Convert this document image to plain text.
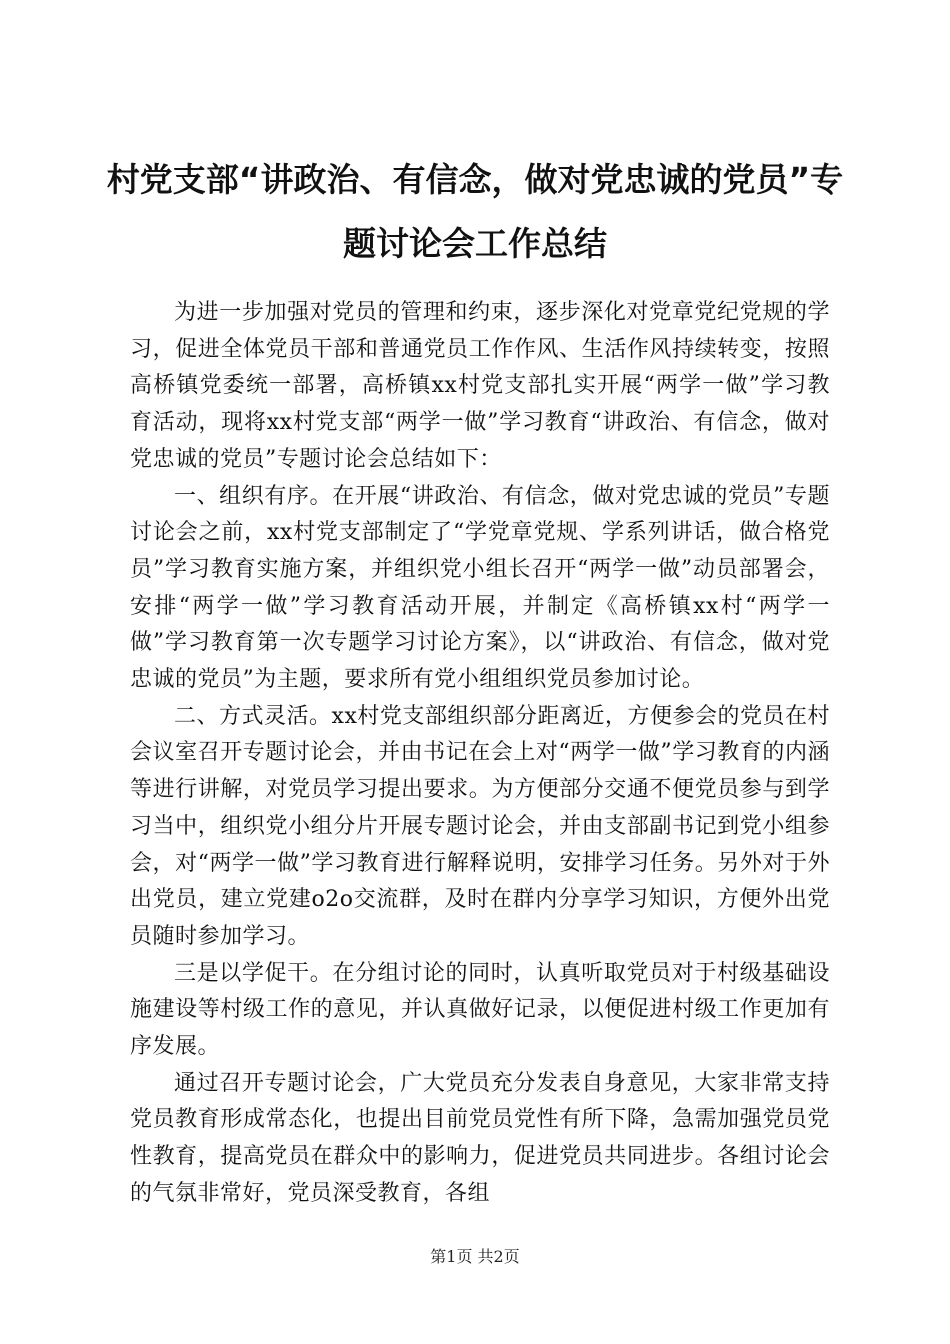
村党支部“讲政治、有信念，做对党忠诚的党员”专题讨论会工作总结

为进一步加强对党员的管理和约束，逐步深化对党章党纪党规的学习，促进全体党员干部和普通党员工作作风、生活作风持续转变，按照高桥镇党委统一部署，高桥镇xx村党支部扎实开展“两学一做”学习教育活动，现将xx村党支部“两学一做”学习教育“讲政治、有信念，做对党忠诚的党员”专题讨论会总结如下：

一、组织有序。在开展“讲政治、有信念，做对党忠诚的党员”专题讨论会之前，xx村党支部制定了“学党章党规、学系列讲话，做合格党员”学习教育实施方案，并组织党小组长召开“两学一做”动员部署会，安排“两学一做”学习教育活动开展，并制定《高桥镇xx村“两学一做”学习教育第一次专题学习讨论方案》，以“讲政治、有信念，做对党忠诚的党员”为主题，要求所有党小组组织党员参加讨论。

二、方式灵活。xx村党支部组织部分距离近，方便参会的党员在村会议室召开专题讨论会，并由书记在会上对“两学一做”学习教育的内涵等进行讲解，对党员学习提出要求。为方便部分交通不便党员参与到学习当中，组织党小组分片开展专题讨论会，并由支部副书记到党小组参会，对“两学一做”学习教育进行解释说明，安排学习任务。另外对于外出党员，建立党建o2o交流群，及时在群内分享学习知识，方便外出党员随时参加学习。

三是以学促干。在分组讨论的同时，认真听取党员对于村级基础设施建设等村级工作的意见，并认真做好记录，以便促进村级工作更加有序发展。

通过召开专题讨论会，广大党员充分发表自身意见，大家非常支持党员教育形成常态化，也提出目前党员党性有所下降，急需加强党员党性教育，提高党员在群众中的影响力，促进党员共同进步。各组讨论会的气氛非常好，党员深受教育，各组

第1页 共2页
